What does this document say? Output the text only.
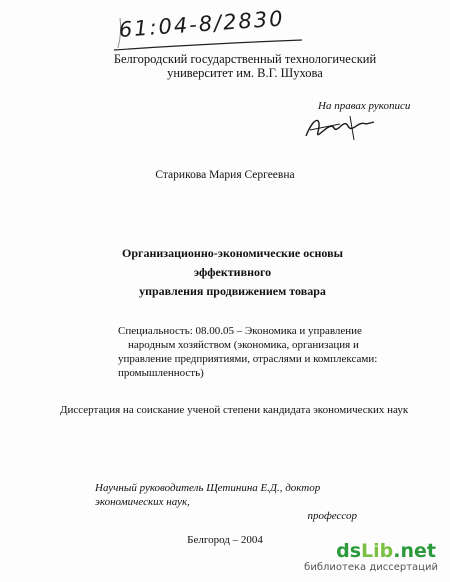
61:04-8/2830
Белгородский государственный технологический
университет им. В.Г. Шухова
На правах рукописи
Старикова Мария Сергеевна
Организационно-экономические основы эффективного
управления продвижением товара
Специальность: 08.00.05 – Экономика и управление
народным хозяйством (экономика, организация и
управление предприятиями, отраслями и комплексами:
промышленность)
Диссертация на соискание ученой степени кандидата экономических наук
Научный руководитель Щетинина Е.Д., доктор экономических наук,
профессор
Белгород – 2004	dsLib.net
библиотека диссертаций
